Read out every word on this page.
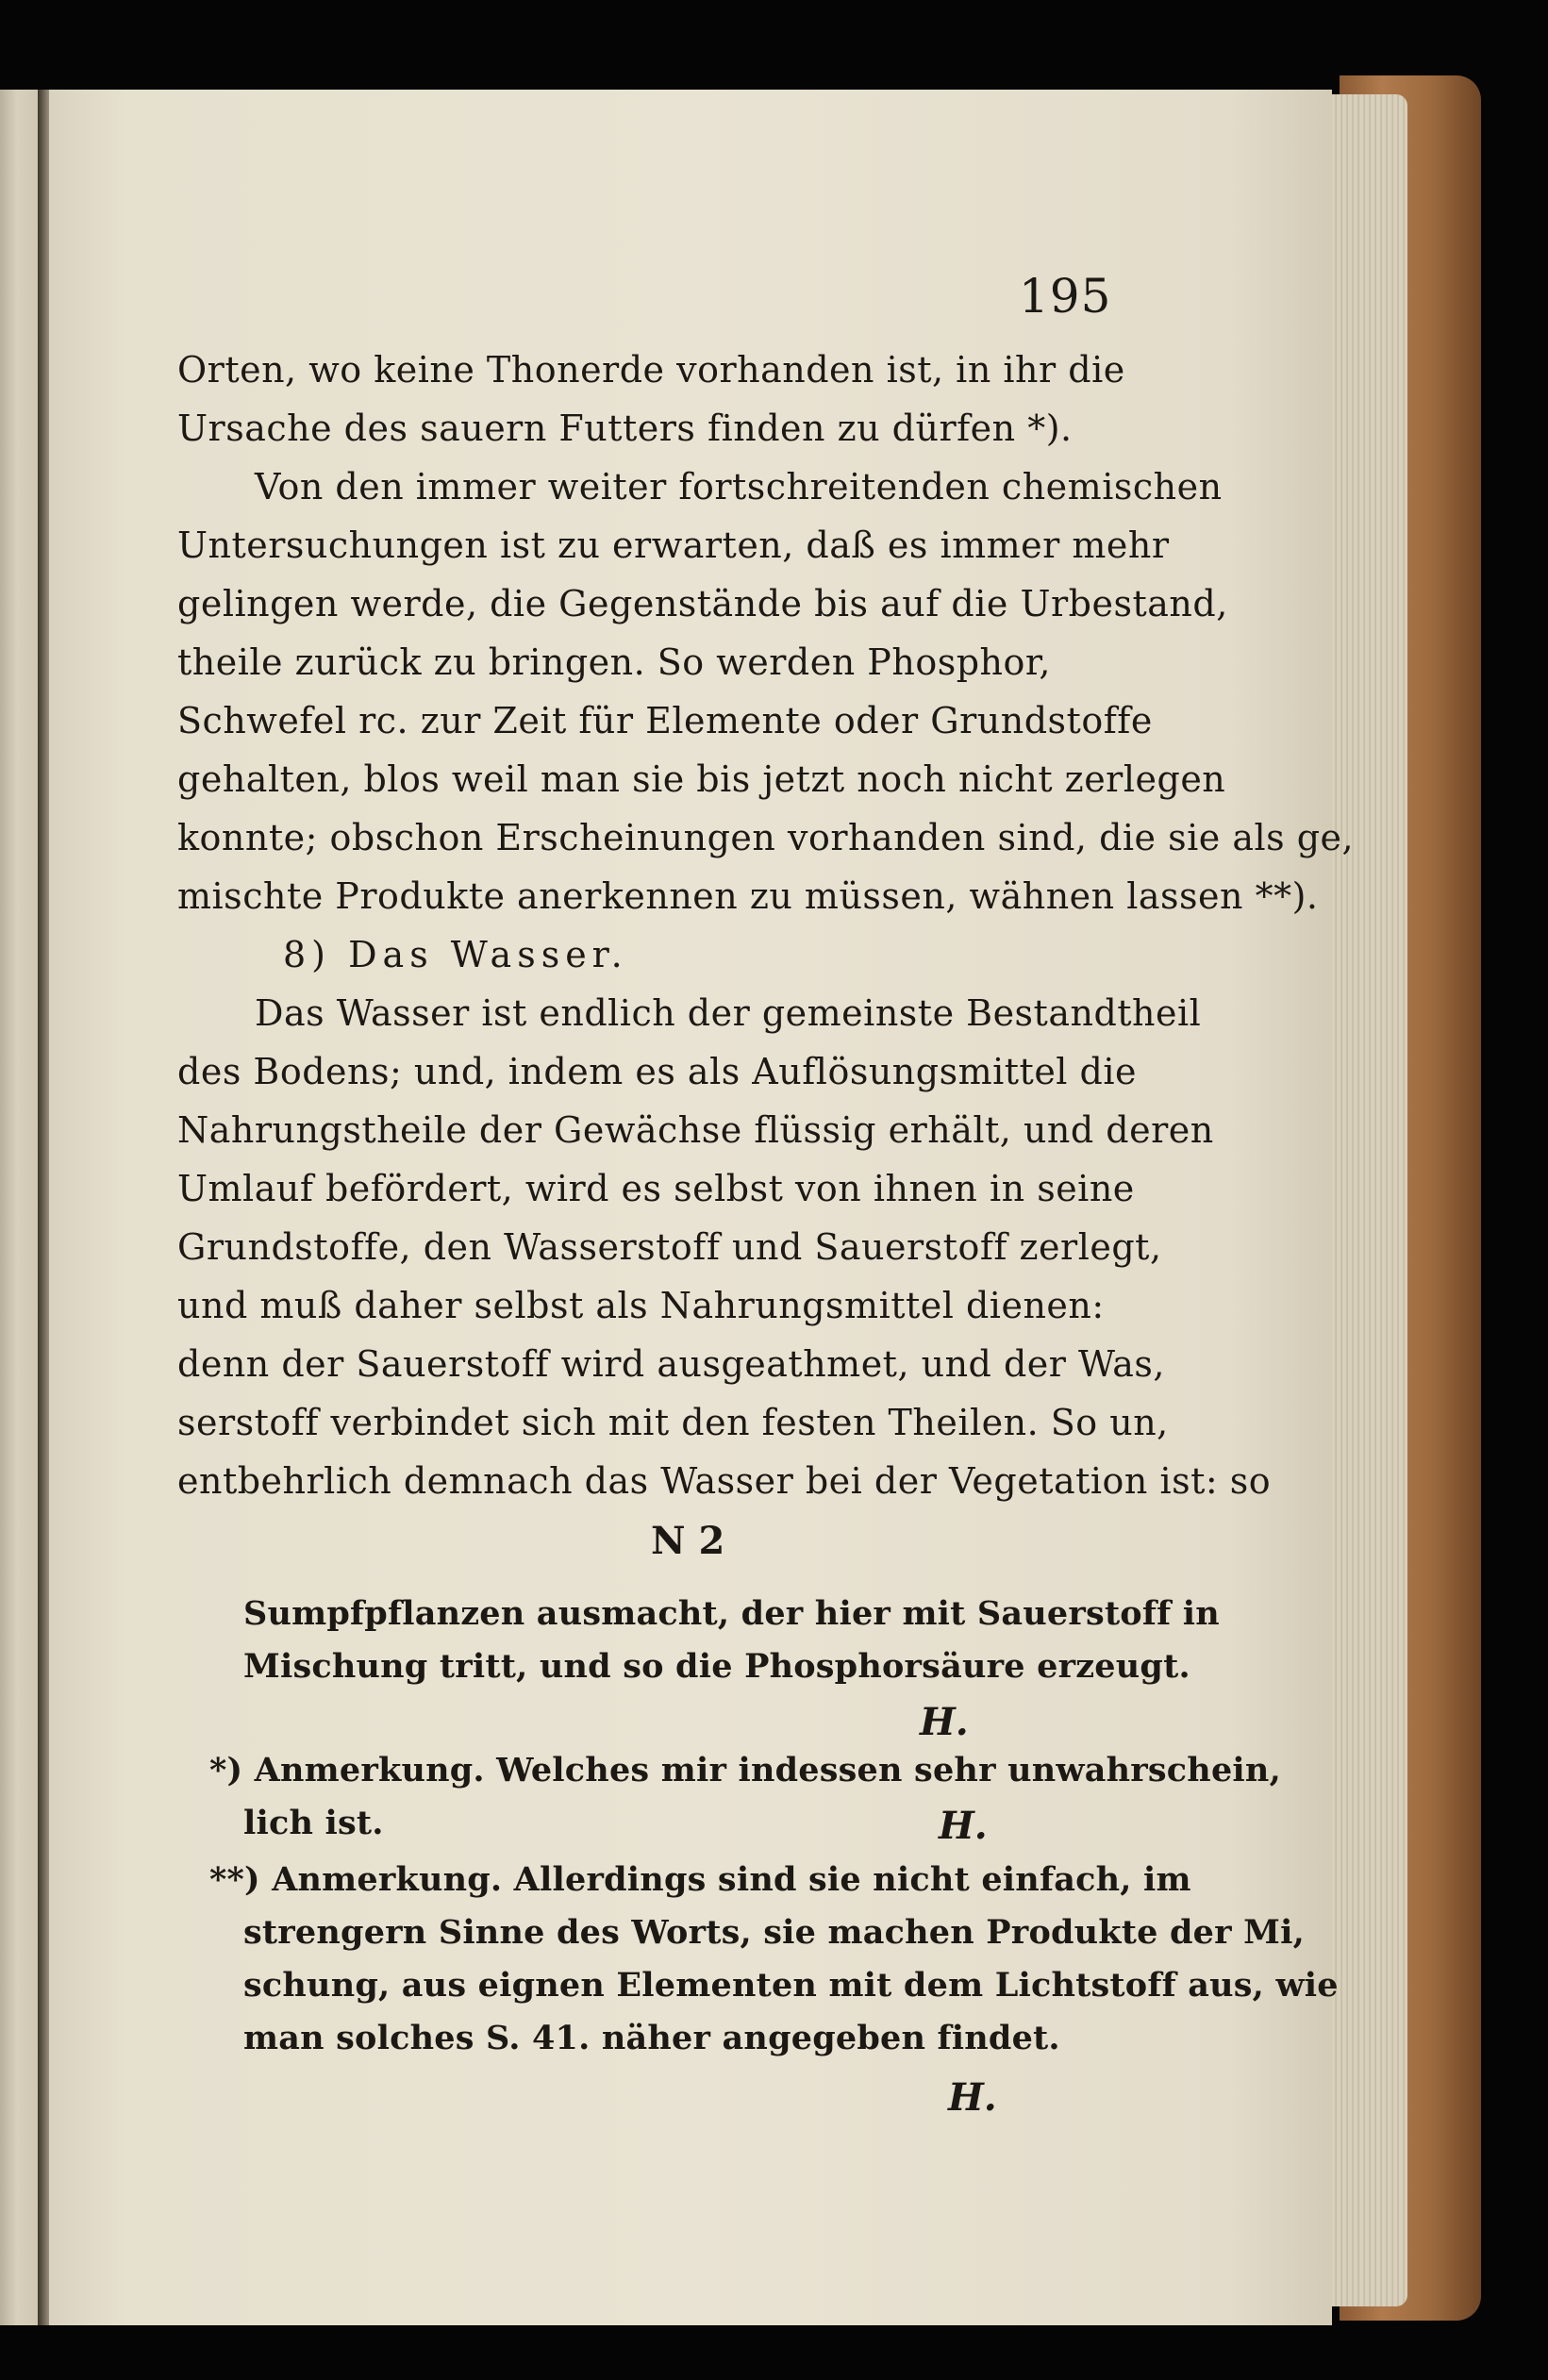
195
Orten, wo keine Thonerde vorhanden ist, in ihr die
Ursache des sauern Futters finden zu dürfen *).
Von den immer weiter fortschreitenden chemischen
Untersuchungen ist zu erwarten, daß es immer mehr
gelingen werde, die Gegenstände bis auf die Urbestand,
theile zurück zu bringen. So werden Phosphor,
Schwefel rc. zur Zeit für Elemente oder Grundstoffe
gehalten, blos weil man sie bis jetzt noch nicht zerlegen
konnte; obschon Erscheinungen vorhanden sind, die sie als ge,
mischte Produkte anerkennen zu müssen, wähnen lassen **).
8) Das Wasser.
Das Wasser ist endlich der gemeinste Bestandtheil
des Bodens; und, indem es als Auflösungsmittel die
Nahrungstheile der Gewächse flüssig erhält, und deren
Umlauf befördert, wird es selbst von ihnen in seine
Grundstoffe, den Wasserstoff und Sauerstoff zerlegt,
und muß daher selbst als Nahrungsmittel dienen:
denn der Sauerstoff wird ausgeathmet, und der Was,
serstoff verbindet sich mit den festen Theilen. So un,
entbehrlich demnach das Wasser bei der Vegetation ist: so
N 2
Sumpfpflanzen ausmacht, der hier mit Sauerstoff in
Mischung tritt, und so die Phosphorsäure erzeugt.
H.
*) Anmerkung. Welches mir indessen sehr unwahrschein,
lich ist.	H.
**) Anmerkung. Allerdings sind sie nicht einfach, im
strengern Sinne des Worts, sie machen Produkte der Mi,
schung, aus eignen Elementen mit dem Lichtstoff aus, wie
man solches S. 41. näher angegeben findet.
H.
